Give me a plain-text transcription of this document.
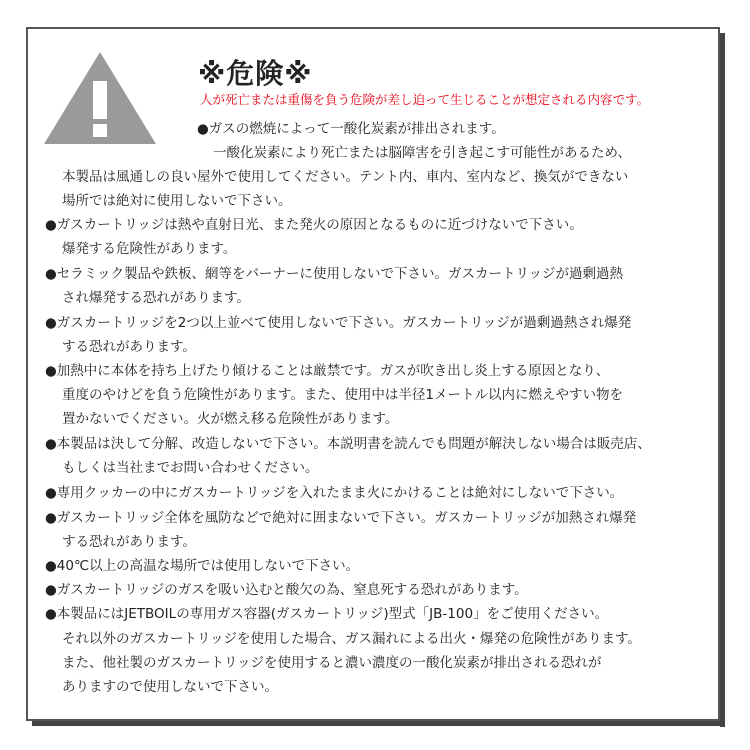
※危険※
人が死亡または重傷を負う危険が差し迫って生じることが想定される内容です。
●ガスの燃焼によって一酸化炭素が排出されます。
一酸化炭素により死亡または脳障害を引き起こす可能性があるため、
本製品は風通しの良い屋外で使用してください。テント内、車内、室内など、換気ができない
場所では絶対に使用しないで下さい。
●ガスカートリッジは熱や直射日光、また発火の原因となるものに近づけないで下さい。
爆発する危険性があります。
●セラミック製品や鉄板、網等をバーナーに使用しないで下さい。ガスカートリッジが過剰過熱
され爆発する恐れがあります。
●ガスカートリッジを2つ以上並べて使用しないで下さい。ガスカートリッジが過剰過熱され爆発
する恐れがあります。
●加熱中に本体を持ち上げたり傾けることは厳禁です。ガスが吹き出し炎上する原因となり、
重度のやけどを負う危険性があります。また、使用中は半径1メートル以内に燃えやすい物を
置かないでください。火が燃え移る危険性があります。
●本製品は決して分解、改造しないで下さい。本説明書を読んでも問題が解決しない場合は販売店、
もしくは当社までお問い合わせください。
●専用クッカーの中にガスカートリッジを入れたまま火にかけることは絶対にしないで下さい。
●ガスカートリッジ全体を風防などで絶対に囲まないで下さい。ガスカートリッジが加熱され爆発
する恐れがあります。
●40℃以上の高温な場所では使用しないで下さい。
●ガスカートリッジのガスを吸い込むと酸欠の為、窒息死する恐れがあります。
●本製品にはJETBOILの専用ガス容器(ガスカートリッジ)型式「JB-100」をご使用ください。
それ以外のガスカートリッジを使用した場合、ガス漏れによる出火・爆発の危険性があります。
また、他社製のガスカートリッジを使用すると濃い濃度の一酸化炭素が排出される恐れが
ありますので使用しないで下さい。
